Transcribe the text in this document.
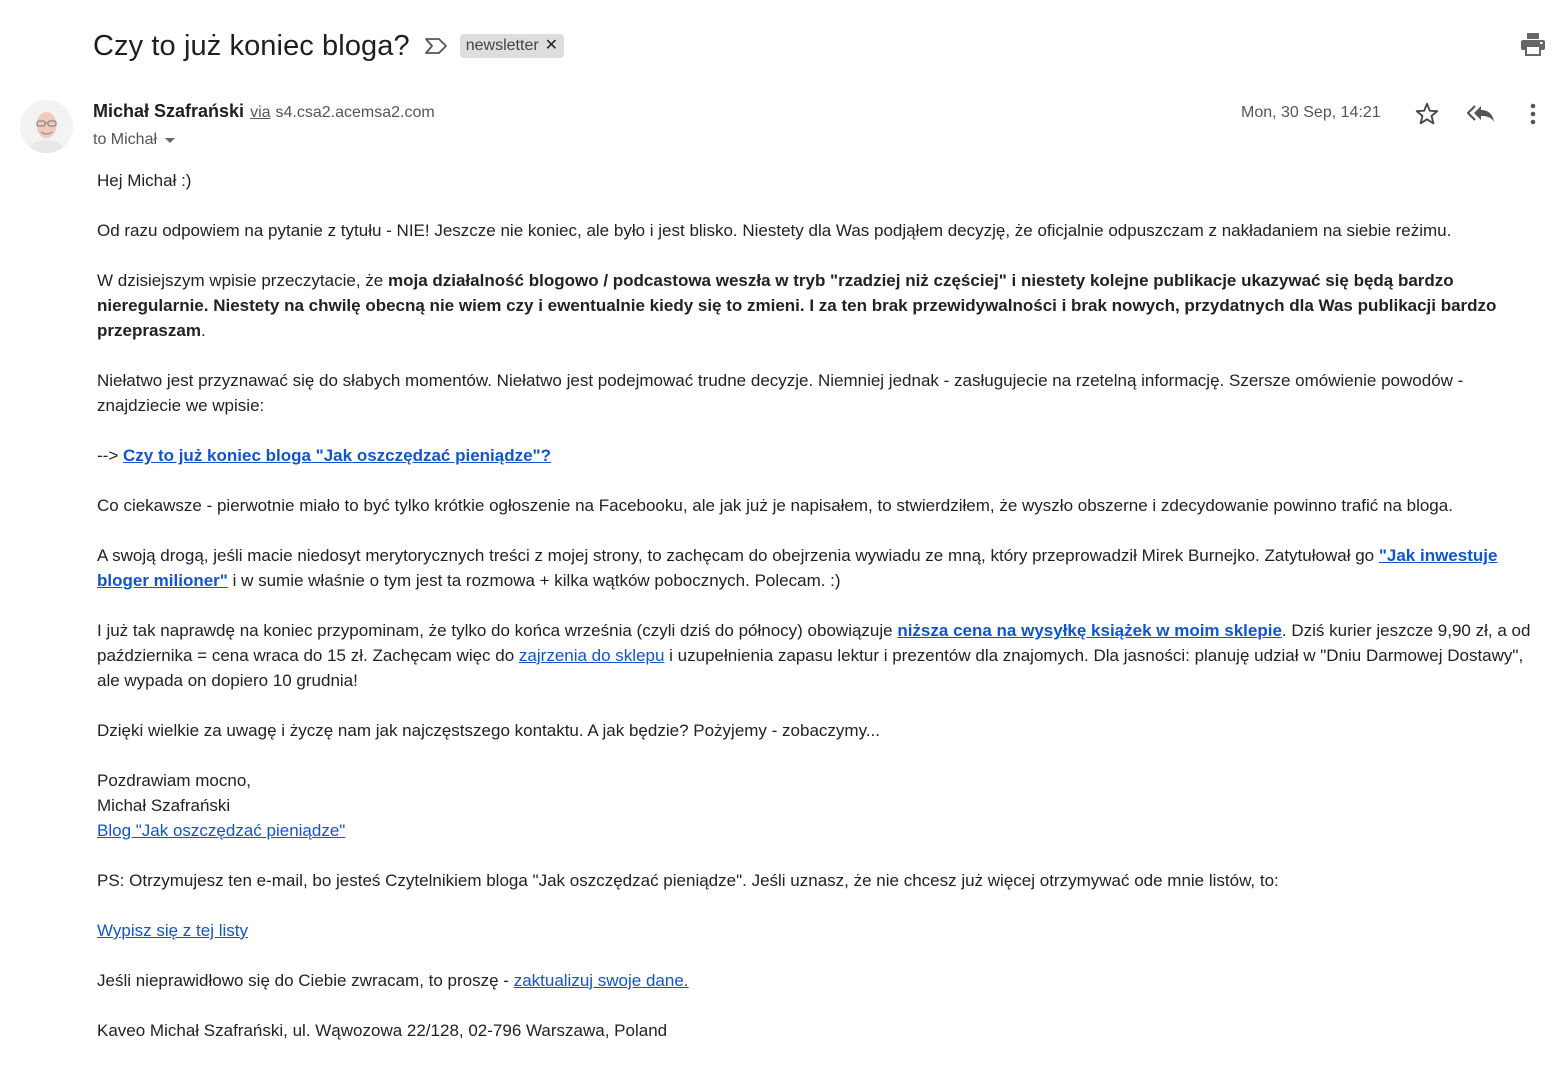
Czy to już koniec bloga?	newsletter ✕
Michał Szafrański via s4.csa2.acemsa2.com
to Michał
Mon, 30 Sep, 14:21

Hej Michał :)

Od razu odpowiem na pytanie z tytułu - NIE! Jeszcze nie koniec, ale było i jest blisko. Niestety dla Was podjąłem decyzję, że oficjalnie odpuszczam z nakładaniem na siebie reżimu.

W dzisiejszym wpisie przeczytacie, że moja działalność blogowo / podcastowa weszła w tryb "rzadziej niż częściej" i niestety kolejne publikacje ukazywać się będą bardzo nieregularnie. Niestety na chwilę obecną nie wiem czy i ewentualnie kiedy się to zmieni. I za ten brak przewidywalności i brak nowych, przydatnych dla Was publikacji bardzo przepraszam.

Niełatwo jest przyznawać się do słabych momentów. Niełatwo jest podejmować trudne decyzje. Niemniej jednak - zasługujecie na rzetelną informację. Szersze omówienie powodów - znajdziecie we wpisie:

--> Czy to już koniec bloga "Jak oszczędzać pieniądze"?

Co ciekawsze - pierwotnie miało to być tylko krótkie ogłoszenie na Facebooku, ale jak już je napisałem, to stwierdziłem, że wyszło obszerne i zdecydowanie powinno trafić na bloga.

A swoją drogą, jeśli macie niedosyt merytorycznych treści z mojej strony, to zachęcam do obejrzenia wywiadu ze mną, który przeprowadził Mirek Burnejko. Zatytułował go "Jak inwestuje bloger milioner" i w sumie właśnie o tym jest ta rozmowa + kilka wątków pobocznych. Polecam. :)

I już tak naprawdę na koniec przypominam, że tylko do końca września (czyli dziś do północy) obowiązuje niższa cena na wysyłkę książek w moim sklepie. Dziś kurier jeszcze 9,90 zł, a od października = cena wraca do 15 zł. Zachęcam więc do zajrzenia do sklepu i uzupełnienia zapasu lektur i prezentów dla znajomych. Dla jasności: planuję udział w "Dniu Darmowej Dostawy", ale wypada on dopiero 10 grudnia!

Dzięki wielkie za uwagę i życzę nam jak najczęstszego kontaktu. A jak będzie? Pożyjemy - zobaczymy...

Pozdrawiam mocno,
Michał Szafrański
Blog "Jak oszczędzać pieniądze"

PS: Otrzymujesz ten e-mail, bo jesteś Czytelnikiem bloga "Jak oszczędzać pieniądze". Jeśli uznasz, że nie chcesz już więcej otrzymywać ode mnie listów, to:

Wypisz się z tej listy

Jeśli nieprawidłowo się do Ciebie zwracam, to proszę - zaktualizuj swoje dane.

Kaveo Michał Szafrański, ul. Wąwozowa 22/128, 02-796 Warszawa, Poland
